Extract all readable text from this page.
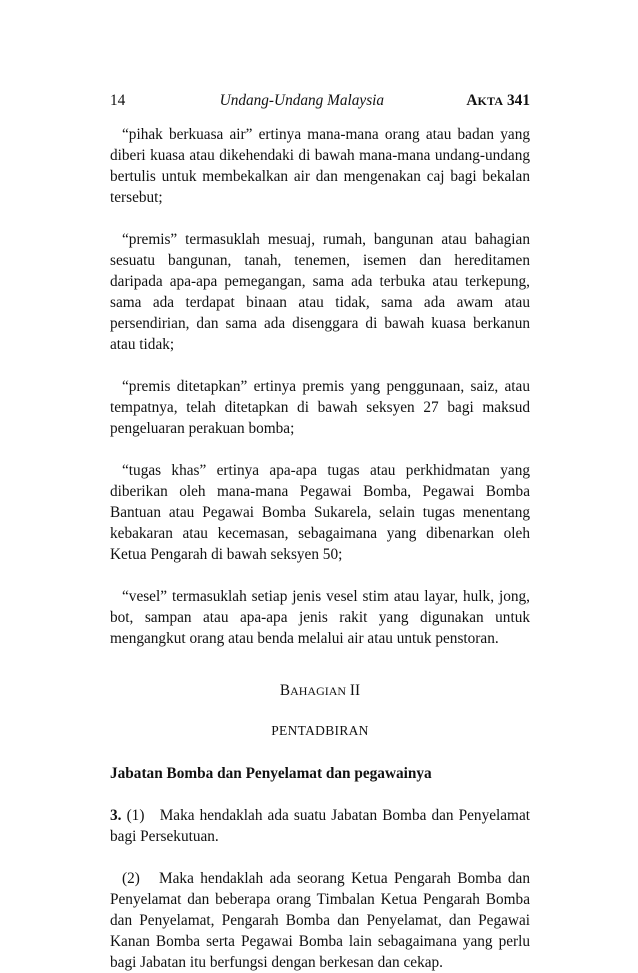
14	Undang-Undang Malaysia	AKTA 341

“pihak berkuasa air” ertinya mana-mana orang atau badan yang diberi kuasa atau dikehendaki di bawah mana-mana undang-undang bertulis untuk membekalkan air dan mengenakan caj bagi bekalan tersebut;

“premis” termasuklah mesuaj, rumah, bangunan atau bahagian sesuatu bangunan, tanah, tenemen, isemen dan hereditamen daripada apa-apa pemegangan, sama ada terbuka atau terkepung, sama ada terdapat binaan atau tidak, sama ada awam atau persendirian, dan sama ada disenggara di bawah kuasa berkanun atau tidak;

“premis ditetapkan” ertinya premis yang penggunaan, saiz, atau tempatnya, telah ditetapkan di bawah seksyen 27 bagi maksud pengeluaran perakuan bomba;

“tugas khas” ertinya apa-apa tugas atau perkhidmatan yang diberikan oleh mana-mana Pegawai Bomba, Pegawai Bomba Bantuan atau Pegawai Bomba Sukarela, selain tugas menentang kebakaran atau kecemasan, sebagaimana yang dibenarkan oleh Ketua Pengarah di bawah seksyen 50;

“vesel” termasuklah setiap jenis vesel stim atau layar, hulk, jong, bot, sampan atau apa-apa jenis rakit yang digunakan untuk mengangkut orang atau benda melalui air atau untuk penstoran.

BAHAGIAN II

PENTADBIRAN

Jabatan Bomba dan Penyelamat dan pegawainya

3. (1) Maka hendaklah ada suatu Jabatan Bomba dan Penyelamat bagi Persekutuan.

(2) Maka hendaklah ada seorang Ketua Pengarah Bomba dan Penyelamat dan beberapa orang Timbalan Ketua Pengarah Bomba dan Penyelamat, Pengarah Bomba dan Penyelamat, dan Pegawai Kanan Bomba serta Pegawai Bomba lain sebagaimana yang perlu bagi Jabatan itu berfungsi dengan berkesan dan cekap.
